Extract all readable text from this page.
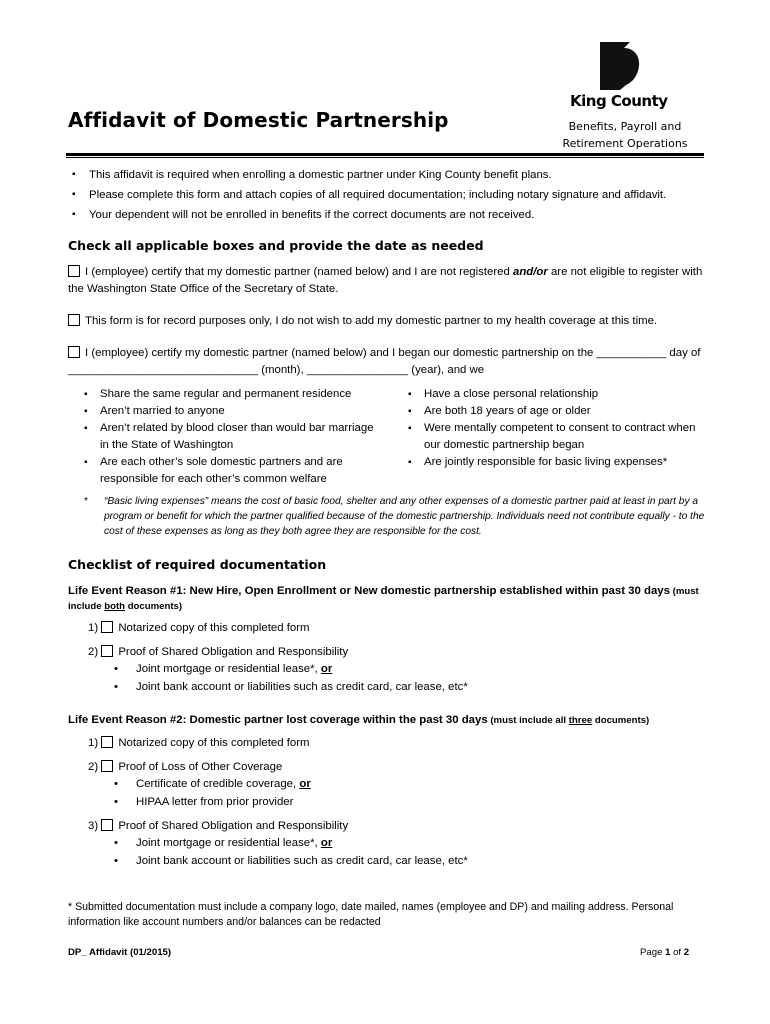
Affidavit of Domestic Partnership
King County
Benefits, Payroll and
Retirement Operations
▪ This affidavit is required when enrolling a domestic partner under King County benefit plans.
▪ Please complete this form and attach copies of all required documentation; including notary signature and affidavit.
▪ Your dependent will not be enrolled in benefits if the correct documents are not received.
Check all applicable boxes and provide the date as needed
I (employee) certify that my domestic partner (named below) and I are not registered and/or are not eligible to register with
the Washington State Office of the Secretary of State.
This form is for record purposes only, I do not wish to add my domestic partner to my health coverage at this time.
I (employee) certify my domestic partner (named below) and I began our domestic partnership on the ___________ day of
______________________________ (month), ________________ (year), and we
▪ Share the same regular and permanent residence
▪ Aren’t married to anyone
▪ Aren’t related by blood closer than would bar marriage
in the State of Washington
▪ Are each other’s sole domestic partners and are
responsible for each other’s common welfare
▪ Have a close personal relationship
▪ Are both 18 years of age or older
▪ Were mentally competent to consent to contract when
our domestic partnership began
▪ Are jointly responsible for basic living expenses*
*	“Basic living expenses” means the cost of basic food, shelter and any other expenses of a domestic partner paid at least in part by a program or benefit for which the partner qualified because of the domestic partnership. Individuals need not contribute equally - to the cost of these expenses as long as they both agree they are responsible for the cost.
Checklist of required documentation
Life Event Reason #1: New Hire, Open Enrollment or New domestic partnership established within past 30 days (must
include both documents)
1) Notarized copy of this completed form
2) Proof of Shared Obligation and Responsibility
• Joint mortgage or residential lease*, or
• Joint bank account or liabilities such as credit card, car lease, etc*
Life Event Reason #2: Domestic partner lost coverage within the past 30 days (must include all three documents)
1) Notarized copy of this completed form
2) Proof of Loss of Other Coverage
• Certificate of credible coverage, or
• HIPAA letter from prior provider
3) Proof of Shared Obligation and Responsibility
• Joint mortgage or residential lease*, or
• Joint bank account or liabilities such as credit card, car lease, etc*
* Submitted documentation must include a company logo, date mailed, names (employee and DP) and mailing address. Personal information like account numbers and/or balances can be redacted
DP_ Affidavit (01/2015)	Page 1 of 2
